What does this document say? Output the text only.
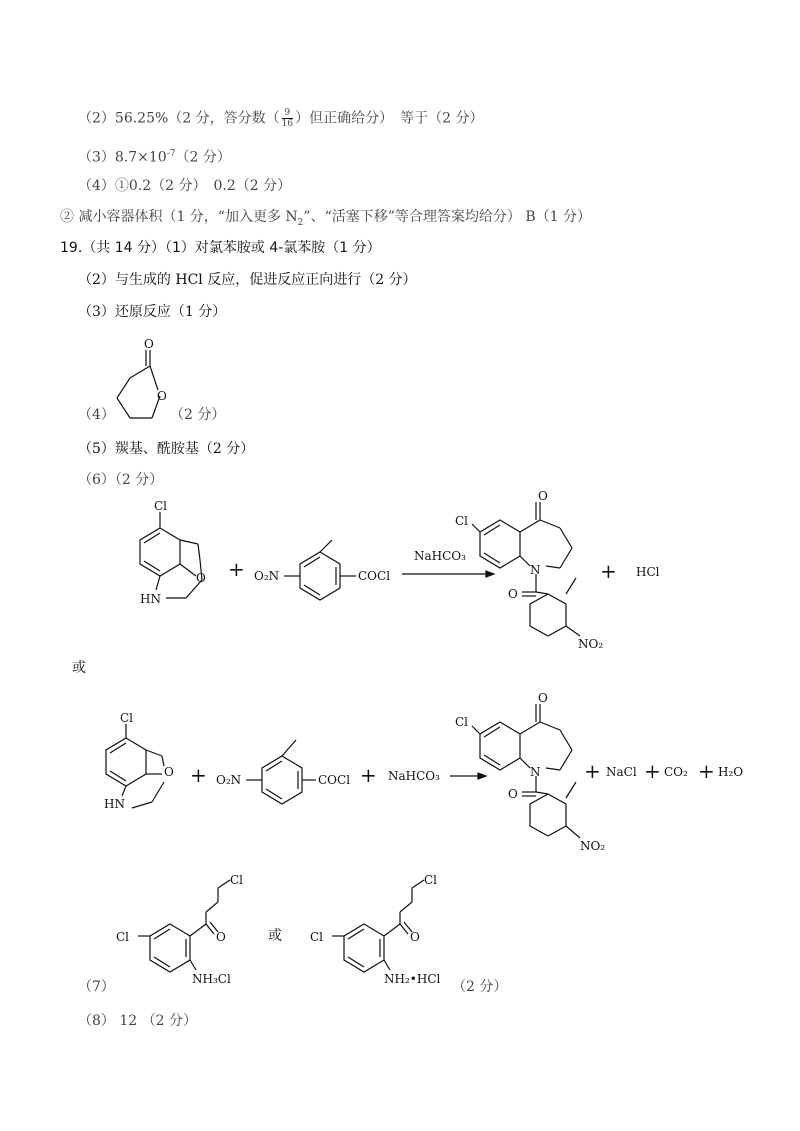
（2）56.25%（2 分，答分数（ $\frac{9}{16}$ ）但正确给分）　等于（2 分）
$(3)8.7\times 10^{-7}(2$ 分）
（4）①0.2（2 分）　0.2（2 分）
② 减小容器体积（1 分，“加入更多 $N_2$”、“活塞下移”等合理答案均给分） B（1 分）
19.（共 14 分）（1）对氯苯胺或 4-氯苯胺（1 分）
（2）与生成的 HCl 反应，促进反应正向进行（2 分）
（3）还原反应（1 分）
（4）	（2 分）
（5）羰基、酰胺基（2 分）
（6）（2 分）
或
（7）
或
（2 分）
（8） 12 （2 分）
O
O
Cl
O
HN
+ O₂N	COCl
NaHCO₃
O
Cl
N
O
NO₂
+ HCl
Cl
O
HN
+ O₂N	COCl + NaHCO₃
O
Cl
N
O
NO₂
+ NaCl + CO₂ + H₂O
Cl
Cl
O
NH₃Cl
Cl
Cl
O
NH₂•HCl
